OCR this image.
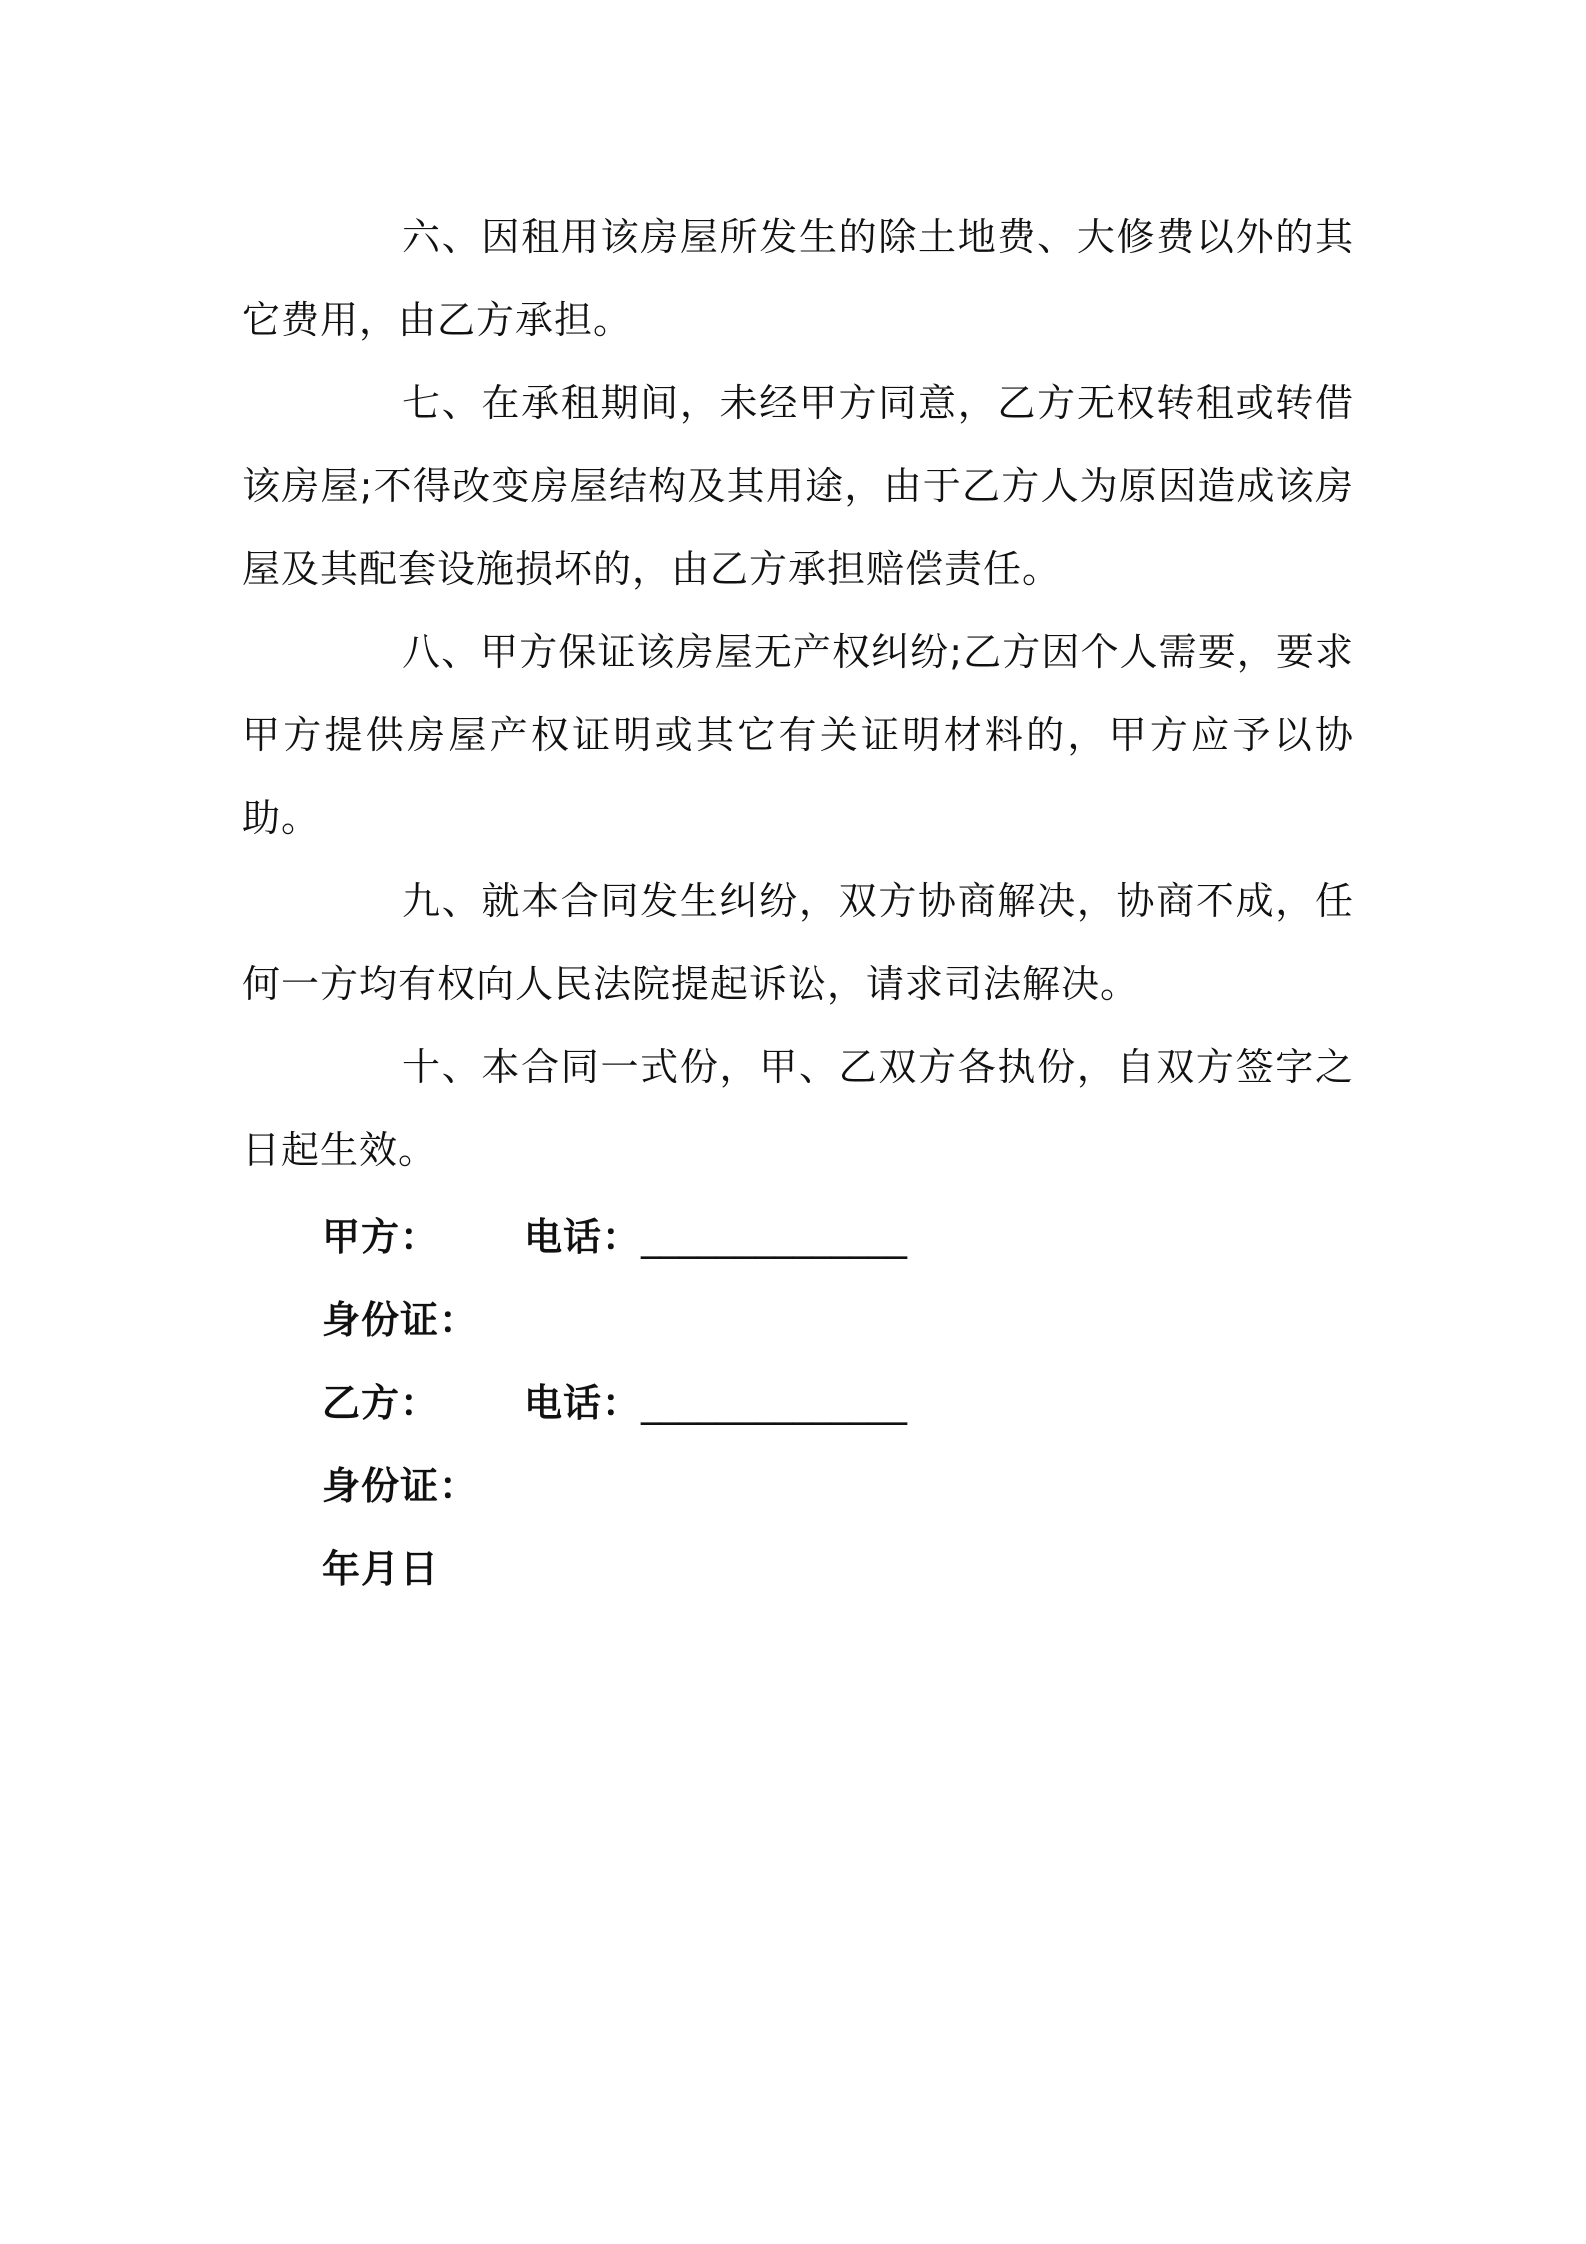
六、因租用该房屋所发生的除土地费、大修费以外的其它费用，由乙方承担。

七、在承租期间，未经甲方同意，乙方无权转租或转借该房屋;不得改变房屋结构及其用途，由于乙方人为原因造成该房屋及其配套设施损坏的，由乙方承担赔偿责任。

八、甲方保证该房屋无产权纠纷;乙方因个人需要，要求甲方提供房屋产权证明或其它有关证明材料的，甲方应予以协助。

九、就本合同发生纠纷，双方协商解决，协商不成，任何一方均有权向人民法院提起诉讼，请求司法解决。

十、本合同一式份，甲、乙双方各执份，自双方签字之日起生效。

甲方： 电话：______________
身份证：
乙方： 电话：______________
身份证：
年月日
